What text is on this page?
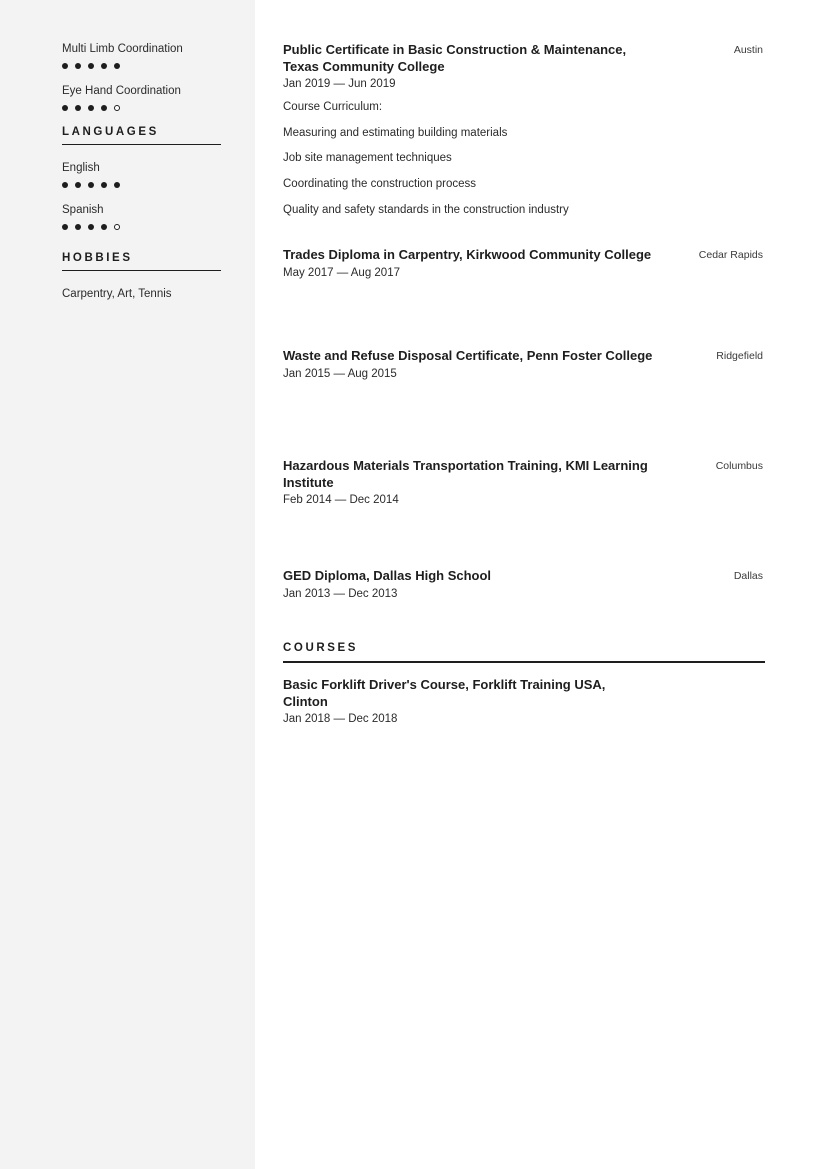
Multi Limb Coordination
Eye Hand Coordination
LANGUAGES
English
Spanish
HOBBIES
Carpentry, Art, Tennis
Public Certificate in Basic Construction & Maintenance, Texas Community College
Austin
Jan 2019 — Jun 2019
Course Curriculum:
Measuring and estimating building materials
Job site management techniques
Coordinating the construction process
Quality and safety standards in the construction industry
Trades Diploma in Carpentry, Kirkwood Community College	Cedar Rapids
May 2017 — Aug 2017
Waste and Refuse Disposal Certificate, Penn Foster College	Ridgefield
Jan 2015 — Aug 2015
Hazardous Materials Transportation Training, KMI Learning Institute
Columbus
Feb 2014 — Dec 2014
GED Diploma, Dallas High School	Dallas
Jan 2013 — Dec 2013
COURSES
Basic Forklift Driver's Course, Forklift Training USA, Clinton
Jan 2018 — Dec 2018
